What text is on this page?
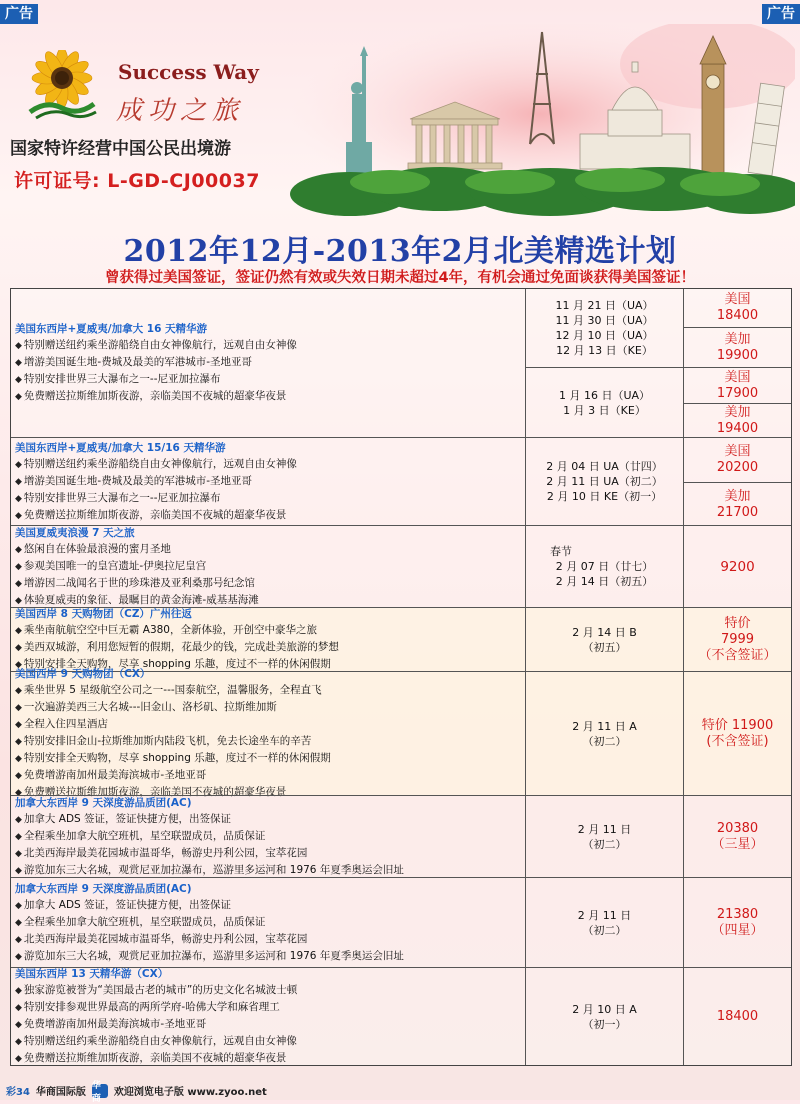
广告	广告
Success Way
成功之旅
国家特许经营中国公民出境游
许可证号: L-GD-CJ00037
2012年12月-2013年2月北美精选计划
曾获得过美国签证，签证仍然有效或失效日期未超过4年，有机会通过免面谈获得美国签证！
美国东西岸+夏威夷/加拿大 16 天精华游
◆ 特别赠送纽约乘坐游船绕自由女神像航行，远观自由女神像
◆ 增游美国诞生地-费城及最美的军港城市-圣地亚哥
◆ 特别安排世界三大瀑布之一--尼亚加拉瀑布
◆ 免费赠送拉斯维加斯夜游，亲临美国不夜城的超豪华夜景
11 月 21 日（UA）
11 月 30 日（UA）
12 月 10 日（UA）
12 月 13 日（KE）
1 月 16 日（UA）
1 月 3 日（KE）
美国
18400
美加
19900
美国
17900
美加
19400
美国东西岸+夏威夷/加拿大 15/16 天精华游
◆ 特别赠送纽约乘坐游船绕自由女神像航行，远观自由女神像
◆ 增游美国诞生地-费城及最美的军港城市-圣地亚哥
◆ 特别安排世界三大瀑布之一--尼亚加拉瀑布
◆ 免费赠送拉斯维加斯夜游，亲临美国不夜城的超豪华夜景
2 月 04 日 UA（廿四）
2 月 11 日 UA（初二）
2 月 10 日 KE（初一）
美国
20200
美加
21700
美国夏威夷浪漫 7 天之旅
◆ 悠闲自在体验最浪漫的蜜月圣地
◆ 参观美国唯一的皇宫遗址-伊奥拉尼皇宫
◆ 增游因二战闻名于世的珍珠港及亚利桑那号纪念馆
◆ 体验夏威夷的象征、最瞩目的黄金海滩-威基基海滩
春节
2 月 07 日（廿七）
2 月 14 日（初五）
9200
美国西岸 8 天购物团（CZ）广州往返
◆ 乘坐南航航空空中巨无霸 A380，全新体验，开创空中豪华之旅
◆ 美西双城游，利用您短暂的假期，花最少的钱，完成赴美旅游的梦想
◆ 特别安排全天购物，尽享 shopping 乐趣，度过不一样的休闲假期
2 月 14 日 B
（初五）
特价
7999
（不含签证）
美国西岸 9 天购物团（CX）
◆ 乘坐世界 5 星级航空公司之一---国泰航空，温馨服务，全程直飞
◆ 一次遍游美西三大名城---旧金山、洛杉矶、拉斯维加斯
◆ 全程入住四星酒店
◆ 特别安排旧金山-拉斯维加斯内陆段飞机，免去长途坐车的辛苦
◆ 特别安排全天购物，尽享 shopping 乐趣，度过不一样的休闲假期
◆ 免费增游南加州最美海滨城市-圣地亚哥
◆ 免费赠送拉斯维加斯夜游，亲临美国不夜城的超豪华夜景
2 月 11 日 A
（初二）
特价 11900
(不含签证)
加拿大东西岸 9 天深度游品质团(AC)
◆ 加拿大 ADS 签证，签证快捷方便，出签保证
◆ 全程乘坐加拿大航空班机，星空联盟成员，品质保证
◆ 北美西海岸最美花园城市温哥华，畅游史丹利公园，宝萃花园
◆ 游览加东三大名城，观赏尼亚加拉瀑布，巡游里多运河和 1976 年夏季奥运会旧址
2 月 11 日
（初二）
20380
（三星）
加拿大东西岸 9 天深度游品质团(AC)
◆ 加拿大 ADS 签证，签证快捷方便，出签保证
◆ 全程乘坐加拿大航空班机，星空联盟成员，品质保证
◆ 北美西海岸最美花园城市温哥华，畅游史丹利公园，宝萃花园
◆ 游览加东三大名城，观赏尼亚加拉瀑布，巡游里多运河和 1976 年夏季奥运会旧址
2 月 11 日
（初二）
21380
（四星）
美国东西岸 13 天精华游（CX）
◆ 独家游览被誉为“美国最古老的城市”的历史文化名城波士顿
◆ 特别安排参观世界最高的两所学府-哈佛大学和麻省理工
◆ 免费增游南加州最美海滨城市-圣地亚哥
◆ 特别赠送纽约乘坐游船绕自由女神像航行，远观自由女神像
◆ 免费赠送拉斯维加斯夜游，亲临美国不夜城的超豪华夜景
2 月 10 日 A
（初一）
18400
彩34 华商国际版
华商
欢迎浏览电子版 www.zyoo.net
